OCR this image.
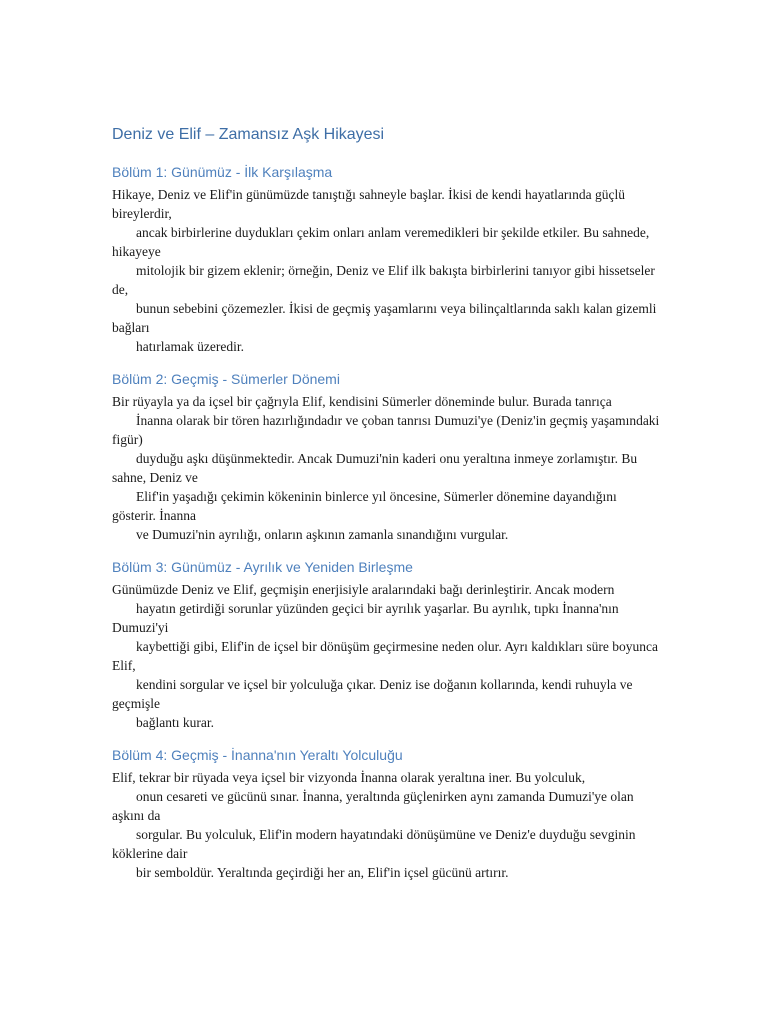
Deniz ve Elif – Zamansız Aşk Hikayesi
Bölüm 1: Günümüz - İlk Karşılaşma

Hikaye, Deniz ve Elif'in günümüzde tanıştığı sahneyle başlar. İkisi de kendi hayatlarında güçlü bireylerdir,

ancak birbirlerine duydukları çekim onları anlam veremedikleri bir şekilde etkiler. Bu sahnede, hikayeye

mitolojik bir gizem eklenir; örneğin, Deniz ve Elif ilk bakışta birbirlerini tanıyor gibi hissetseler de,

bunun sebebini çözemezler. İkisi de geçmiş yaşamlarını veya bilinçaltlarında saklı kalan gizemli bağları

hatırlamak üzeredir.

Bölüm 2: Geçmiş - Sümerler Dönemi

Bir rüyayla ya da içsel bir çağrıyla Elif, kendisini Sümerler döneminde bulur. Burada tanrıça

İnanna olarak bir tören hazırlığındadır ve çoban tanrısı Dumuzi'ye (Deniz'in geçmiş yaşamındaki figür)

duyduğu aşkı düşünmektedir. Ancak Dumuzi'nin kaderi onu yeraltına inmeye zorlamıştır. Bu sahne, Deniz ve

Elif'in yaşadığı çekimin kökeninin binlerce yıl öncesine, Sümerler dönemine dayandığını gösterir. İnanna

ve Dumuzi'nin ayrılığı, onların aşkının zamanla sınandığını vurgular.

Bölüm 3: Günümüz - Ayrılık ve Yeniden Birleşme

Günümüzde Deniz ve Elif, geçmişin enerjisiyle aralarındaki bağı derinleştirir. Ancak modern

hayatın getirdiği sorunlar yüzünden geçici bir ayrılık yaşarlar. Bu ayrılık, tıpkı İnanna'nın Dumuzi'yi

kaybettiği gibi, Elif'in de içsel bir dönüşüm geçirmesine neden olur. Ayrı kaldıkları süre boyunca Elif,

kendini sorgular ve içsel bir yolculuğa çıkar. Deniz ise doğanın kollarında, kendi ruhuyla ve geçmişle

bağlantı kurar.

Bölüm 4: Geçmiş - İnanna'nın Yeraltı Yolculuğu

Elif, tekrar bir rüyada veya içsel bir vizyonda İnanna olarak yeraltına iner. Bu yolculuk,

onun cesareti ve gücünü sınar. İnanna, yeraltında güçlenirken aynı zamanda Dumuzi'ye olan aşkını da

sorgular. Bu yolculuk, Elif'in modern hayatındaki dönüşümüne ve Deniz'e duyduğu sevginin köklerine dair

bir semboldür. Yeraltında geçirdiği her an, Elif'in içsel gücünü artırır.
